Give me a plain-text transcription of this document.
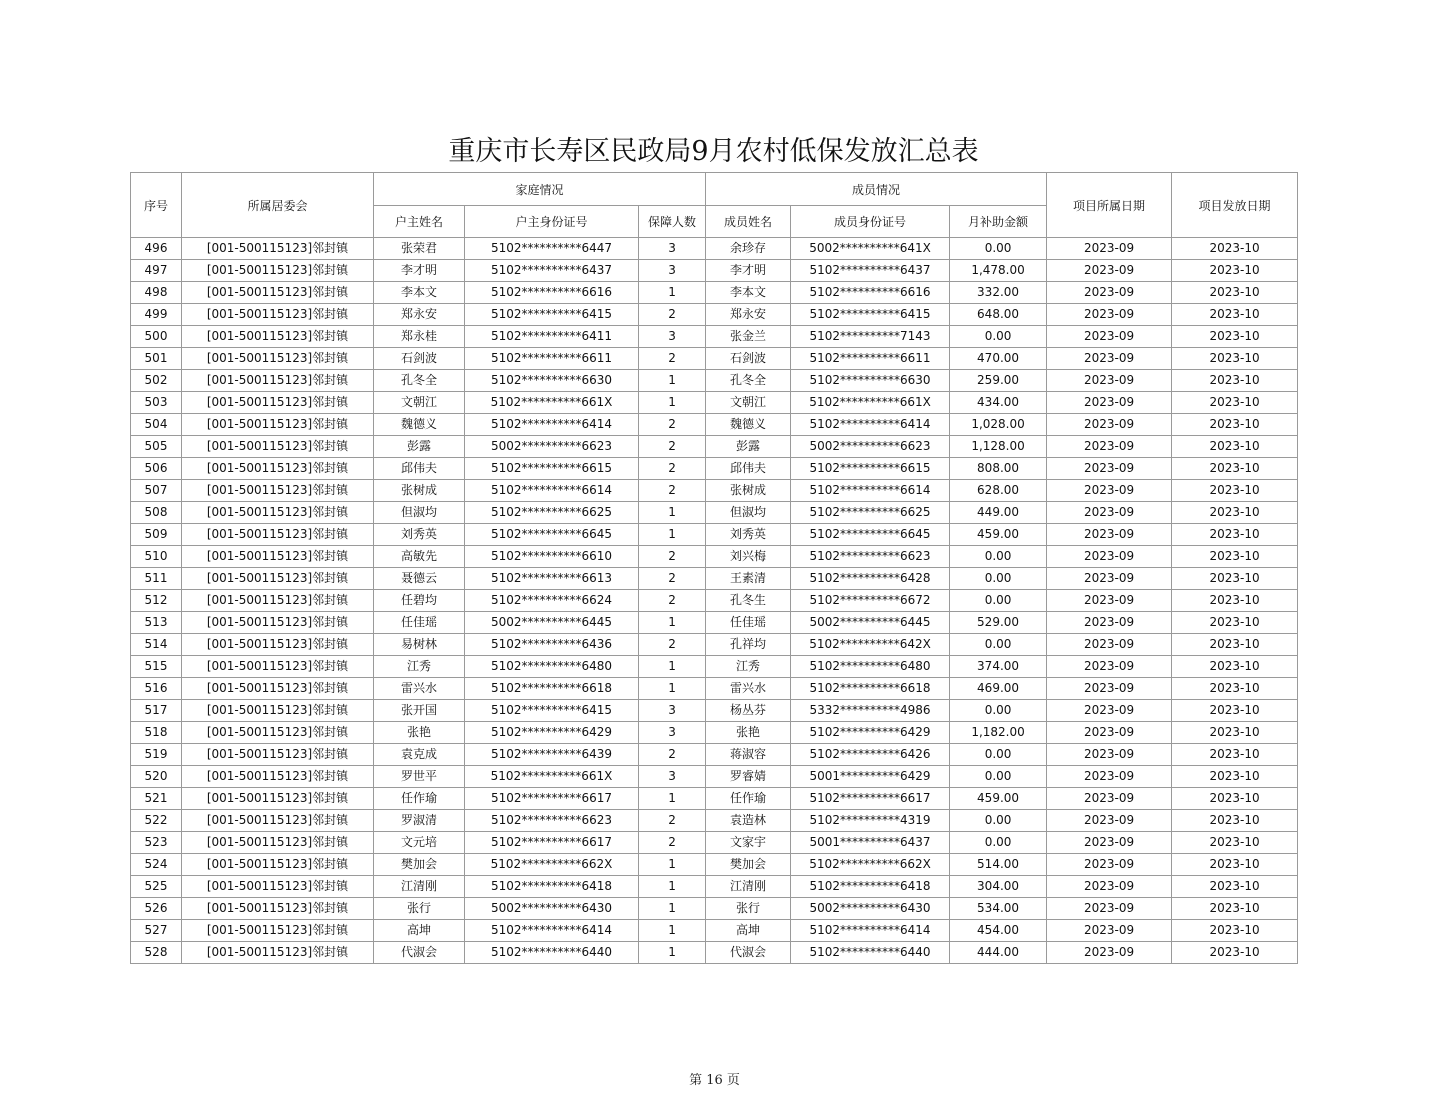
重庆市长寿区民政局9月农村低保发放汇总表
序号	所属居委会	家庭情况			成员情况			项目所属日期	项目发放日期
		户主姓名	户主身份证号	保障人数	成员姓名	成员身份证号	月补助金额		
496	[001-500115123]邻封镇	张荣君	5102**********6447	3	余珍存	5002**********641X	0.00	2023-09	2023-10
497	[001-500115123]邻封镇	李才明	5102**********6437	3	李才明	5102**********6437	1,478.00	2023-09	2023-10
498	[001-500115123]邻封镇	李本文	5102**********6616	1	李本文	5102**********6616	332.00	2023-09	2023-10
499	[001-500115123]邻封镇	郑永安	5102**********6415	2	郑永安	5102**********6415	648.00	2023-09	2023-10
500	[001-500115123]邻封镇	郑永桂	5102**********6411	3	张金兰	5102**********7143	0.00	2023-09	2023-10
501	[001-500115123]邻封镇	石剑波	5102**********6611	2	石剑波	5102**********6611	470.00	2023-09	2023-10
502	[001-500115123]邻封镇	孔冬全	5102**********6630	1	孔冬全	5102**********6630	259.00	2023-09	2023-10
503	[001-500115123]邻封镇	文朝江	5102**********661X	1	文朝江	5102**********661X	434.00	2023-09	2023-10
504	[001-500115123]邻封镇	魏德义	5102**********6414	2	魏德义	5102**********6414	1,028.00	2023-09	2023-10
505	[001-500115123]邻封镇	彭露	5002**********6623	2	彭露	5002**********6623	1,128.00	2023-09	2023-10
506	[001-500115123]邻封镇	邱伟夫	5102**********6615	2	邱伟夫	5102**********6615	808.00	2023-09	2023-10
507	[001-500115123]邻封镇	张树成	5102**********6614	2	张树成	5102**********6614	628.00	2023-09	2023-10
508	[001-500115123]邻封镇	但淑均	5102**********6625	1	但淑均	5102**********6625	449.00	2023-09	2023-10
509	[001-500115123]邻封镇	刘秀英	5102**********6645	1	刘秀英	5102**********6645	459.00	2023-09	2023-10
510	[001-500115123]邻封镇	高敏先	5102**********6610	2	刘兴梅	5102**********6623	0.00	2023-09	2023-10
511	[001-500115123]邻封镇	聂德云	5102**********6613	2	王素清	5102**********6428	0.00	2023-09	2023-10
512	[001-500115123]邻封镇	任碧均	5102**********6624	2	孔冬生	5102**********6672	0.00	2023-09	2023-10
513	[001-500115123]邻封镇	任佳瑶	5002**********6445	1	任佳瑶	5002**********6445	529.00	2023-09	2023-10
514	[001-500115123]邻封镇	易树林	5102**********6436	2	孔祥均	5102**********642X	0.00	2023-09	2023-10
515	[001-500115123]邻封镇	江秀	5102**********6480	1	江秀	5102**********6480	374.00	2023-09	2023-10
516	[001-500115123]邻封镇	雷兴水	5102**********6618	1	雷兴水	5102**********6618	469.00	2023-09	2023-10
517	[001-500115123]邻封镇	张开国	5102**********6415	3	杨丛芬	5332**********4986	0.00	2023-09	2023-10
518	[001-500115123]邻封镇	张艳	5102**********6429	3	张艳	5102**********6429	1,182.00	2023-09	2023-10
519	[001-500115123]邻封镇	袁克成	5102**********6439	2	蒋淑容	5102**********6426	0.00	2023-09	2023-10
520	[001-500115123]邻封镇	罗世平	5102**********661X	3	罗睿婧	5001**********6429	0.00	2023-09	2023-10
521	[001-500115123]邻封镇	任作瑜	5102**********6617	1	任作瑜	5102**********6617	459.00	2023-09	2023-10
522	[001-500115123]邻封镇	罗淑清	5102**********6623	2	袁造林	5102**********4319	0.00	2023-09	2023-10
523	[001-500115123]邻封镇	文元培	5102**********6617	2	文家宇	5001**********6437	0.00	2023-09	2023-10
524	[001-500115123]邻封镇	樊加会	5102**********662X	1	樊加会	5102**********662X	514.00	2023-09	2023-10
525	[001-500115123]邻封镇	江清刚	5102**********6418	1	江清刚	5102**********6418	304.00	2023-09	2023-10
526	[001-500115123]邻封镇	张行	5002**********6430	1	张行	5002**********6430	534.00	2023-09	2023-10
527	[001-500115123]邻封镇	高坤	5102**********6414	1	高坤	5102**********6414	454.00	2023-09	2023-10
528	[001-500115123]邻封镇	代淑会	5102**********6440	1	代淑会	5102**********6440	444.00	2023-09	2023-10
第 16 页
